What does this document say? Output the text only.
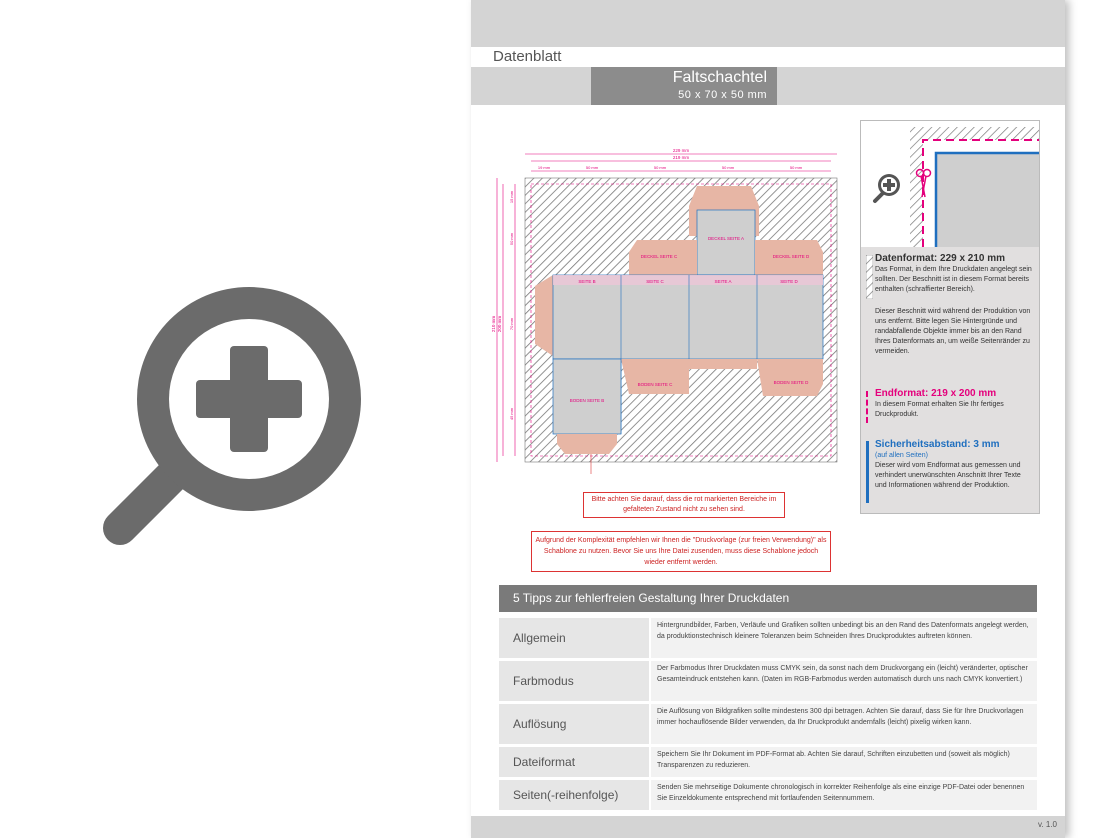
Datenblatt
Faltschachtel
50 x 70 x 50 mm
229 mm
219 mm
19 mm	50 mm	50 mm	50 mm	50 mm
210 mm 200 mm
15 mm
50 mm
70 mm
45 mm
DECKEL SEITE A
DECKEL SEITE C	DECKEL SEITE D
SEITE B	SEITE C	SEITE A	SEITE D
BODEN SEITE C	BODEN SEITE D
BODEN SEITE B
Bitte achten Sie darauf, dass die rot markierten Bereiche im gefalteten Zustand nicht zu sehen sind.
Aufgrund der Komplexität empfehlen wir Ihnen die "Druckvorlage (zur freien Verwendung)" als Schablone zu nutzen. Bevor Sie uns Ihre Datei zusenden, muss diese Schablone jedoch wieder entfernt werden.
Datenformat: 229 x 210 mm
Das Format, in dem Ihre Druckdaten angelegt sein sollten. Der Beschnitt ist in diesem Format bereits enthalten (schraffierter Bereich).
Dieser Beschnitt wird während der Produktion von uns entfernt. Bitte legen Sie Hintergründe und randabfallende Objekte immer bis an den Rand Ihres Datenformats an, um weiße Seitenränder zu vermeiden.
Endformat: 219 x 200 mm
In diesem Format erhalten Sie Ihr fertiges Druckprodukt.
Sicherheitsabstand: 3 mm
(auf allen Seiten)
Dieser wird vom Endformat aus gemessen und verhindert unerwünschten Anschnitt Ihrer Texte und Informationen während der Produktion.
5 Tipps zur fehlerfreien Gestaltung Ihrer Druckdaten
Allgemein
Hintergrundbilder, Farben, Verläufe und Grafiken sollten unbedingt bis an den Rand des Datenformats angelegt werden, da produktionstechnisch kleinere Toleranzen beim Schneiden Ihres Druckproduktes auftreten können.
Farbmodus
Der Farbmodus Ihrer Druckdaten muss CMYK sein, da sonst nach dem Druckvorgang ein (leicht) veränderter, optischer Gesamteindruck entstehen kann. (Daten im RGB-Farbmodus werden automatisch durch uns nach CMYK konvertiert.)
Auflösung
Die Auflösung von Bildgrafiken sollte mindestens 300 dpi betragen. Achten Sie darauf, dass Sie für Ihre Druckvorlagen immer hochauflösende Bilder verwenden, da Ihr Druckprodukt andernfalls (leicht) pixelig wirken kann.
Dateiformat
Speichern Sie Ihr Dokument im PDF-Format ab. Achten Sie darauf, Schriften einzubetten und (soweit als möglich) Transparenzen zu reduzieren.
Seiten(-reihenfolge)
Senden Sie mehrseitige Dokumente chronologisch in korrekter Reihenfolge als eine einzige PDF-Datei oder benennen Sie Einzeldokumente entsprechend mit fortlaufenden Seitennummern.
v. 1.0
